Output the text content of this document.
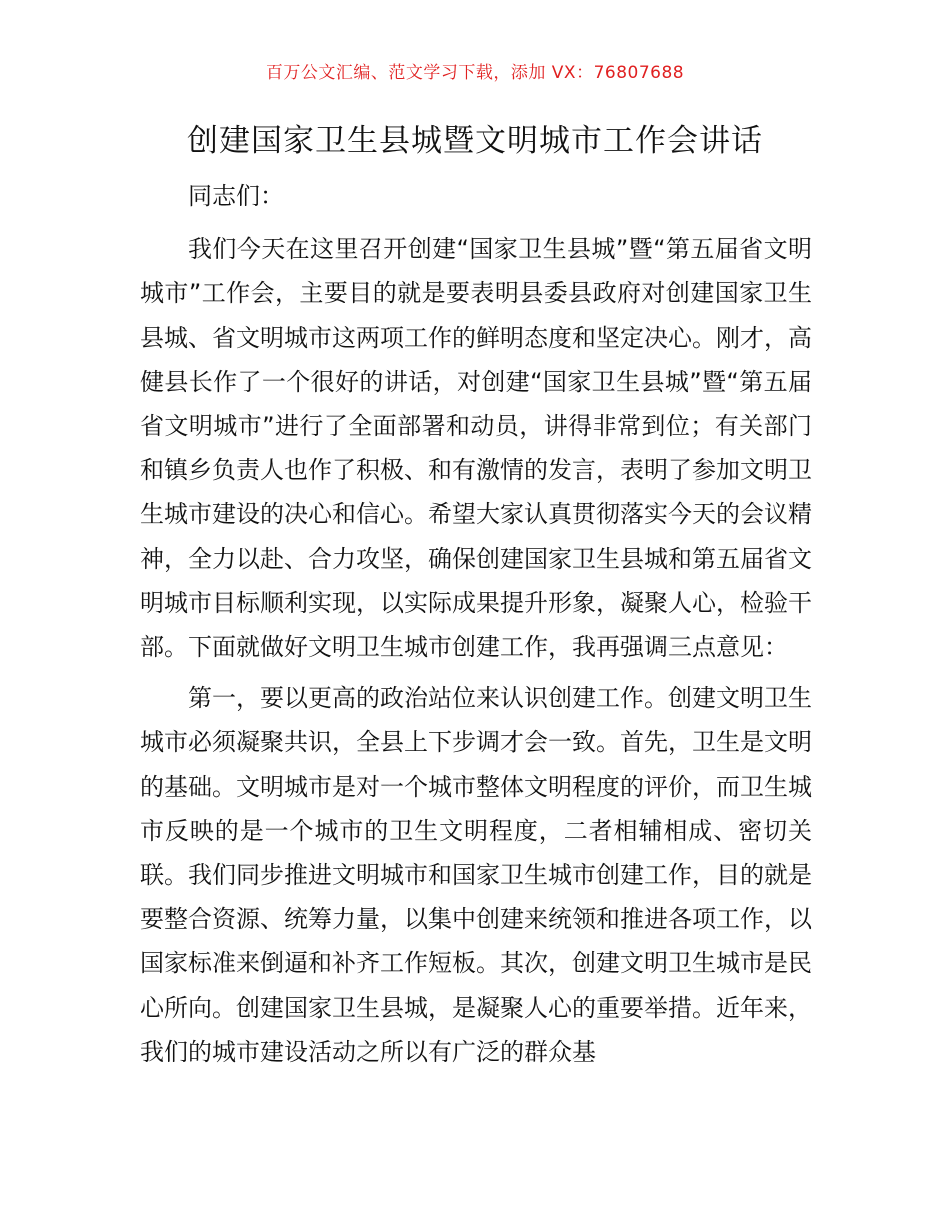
百万公文汇编、范文学习下载，添加 VX：76807688
创建国家卫生县城暨文明城市工作会讲话

同志们：

我们今天在这里召开创建“国家卫生县城”暨“第五届省文明城市”工作会，主要目的就是要表明县委县政府对创建国家卫生县城、省文明城市这两项工作的鲜明态度和坚定决心。刚才，高健县长作了一个很好的讲话，对创建“国家卫生县城”暨“第五届省文明城市”进行了全面部署和动员，讲得非常到位；有关部门和镇乡负责人也作了积极、和有激情的发言，表明了参加文明卫生城市建设的决心和信心。希望大家认真贯彻落实今天的会议精神，全力以赴、合力攻坚，确保创建国家卫生县城和第五届省文明城市目标顺利实现，以实际成果提升形象，凝聚人心，检验干部。下面就做好文明卫生城市创建工作，我再强调三点意见：

第一，要以更高的政治站位来认识创建工作。创建文明卫生城市必须凝聚共识，全县上下步调才会一致。首先，卫生是文明的基础。文明城市是对一个城市整体文明程度的评价，而卫生城市反映的是一个城市的卫生文明程度，二者相辅相成、密切关联。我们同步推进文明城市和国家卫生城市创建工作，目的就是要整合资源、统筹力量，以集中创建来统领和推进各项工作，以国家标准来倒逼和补齐工作短板。其次，创建文明卫生城市是民心所向。创建国家卫生县城，是凝聚人心的重要举措。近年来，我们的城市建设活动之所以有广泛的群众基
